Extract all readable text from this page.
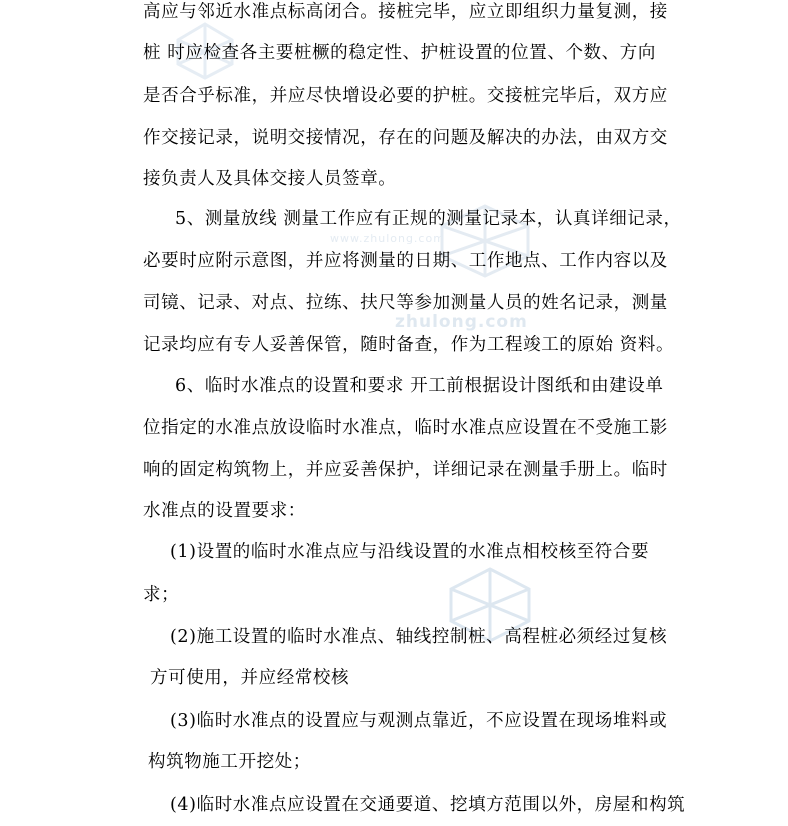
www.zhulong.com
zhulong.com
高应与邻近水准点标高闭合。接桩完毕，应立即组织力量复测，接
桩 时应检查各主要桩橛的稳定性、护桩设置的位置、个数、方向
是否合乎标准，并应尽快增设必要的护桩。交接桩完毕后，双方应
作交接记录，说明交接情况，存在的问题及解决的办法，由双方交
接负责人及具体交接人员签章。
5、测量放线 测量工作应有正规的测量记录本，认真详细记录，
必要时应附示意图，并应将测量的日期、工作地点、工作内容以及
司镜、记录、对点、拉练、扶尺等参加测量人员的姓名记录，测量
记录均应有专人妥善保管，随时备查，作为工程竣工的原始 资料。
6、临时水准点的设置和要求 开工前根据设计图纸和由建设单
位指定的水准点放设临时水准点，临时水准点应设置在不受施工影
响的固定构筑物上，并应妥善保护，详细记录在测量手册上。临时
水准点的设置要求：
(1)设置的临时水准点应与沿线设置的水准点相校核至符合要
求；
(2)施工设置的临时水准点、轴线控制桩、高程桩必须经过复核
方可使用，并应经常校核
(3)临时水准点的设置应与观测点靠近，不应设置在现场堆料或
构筑物施工开挖处；
(4)临时水准点应设置在交通要道、挖填方范围以外，房屋和构筑
